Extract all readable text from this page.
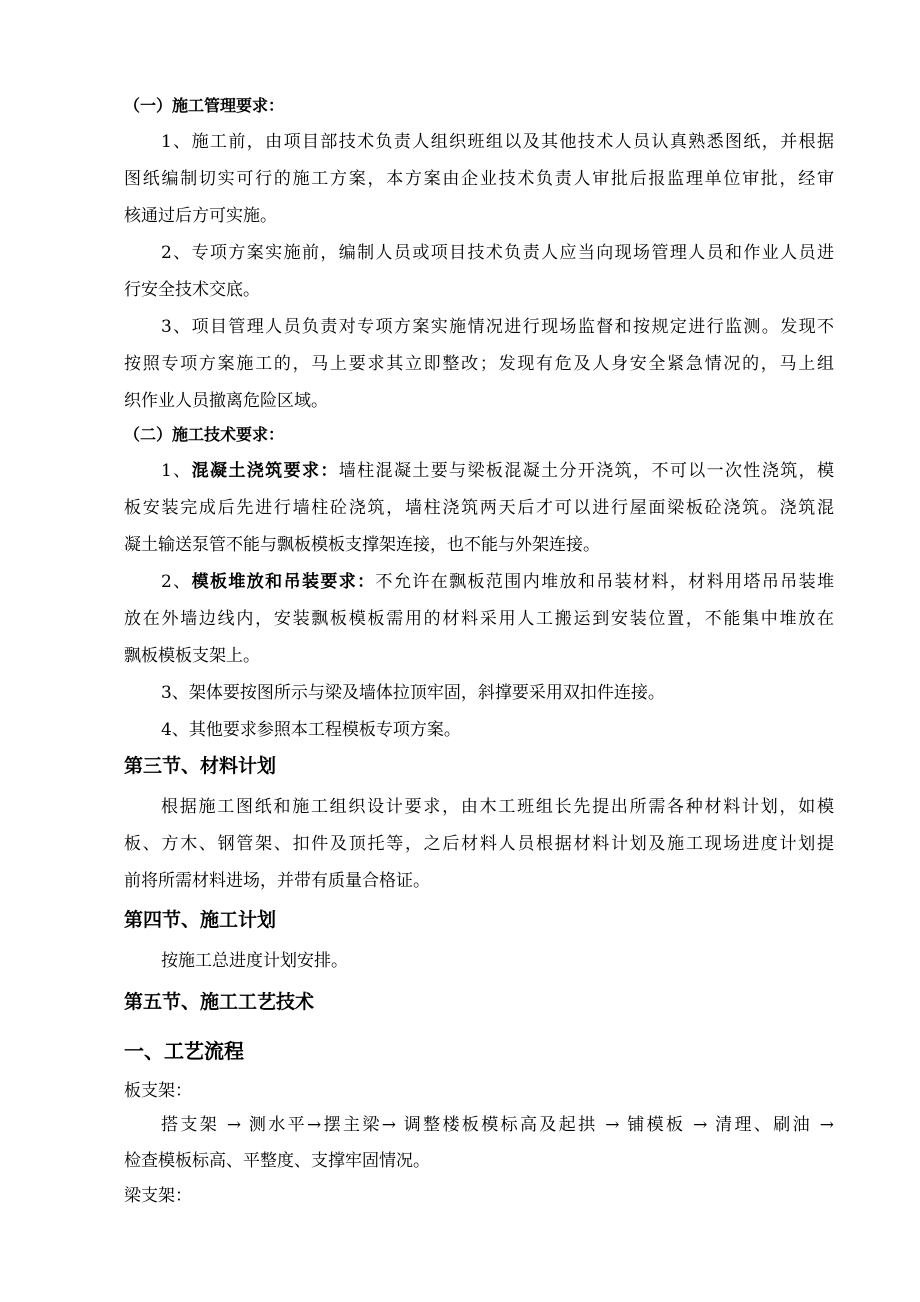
（一）施工管理要求：
1、施工前，由项目部技术负责人组织班组以及其他技术人员认真熟悉图纸，并根据
图纸编制切实可行的施工方案，本方案由企业技术负责人审批后报监理单位审批，经审
核通过后方可实施。
2、专项方案实施前，编制人员或项目技术负责人应当向现场管理人员和作业人员进
行安全技术交底。
3、项目管理人员负责对专项方案实施情况进行现场监督和按规定进行监测。发现不
按照专项方案施工的，马上要求其立即整改；发现有危及人身安全紧急情况的，马上组
织作业人员撤离危险区域。
（二）施工技术要求：
1、混凝土浇筑要求：墙柱混凝土要与梁板混凝土分开浇筑，不可以一次性浇筑，模
板安装完成后先进行墙柱砼浇筑，墙柱浇筑两天后才可以进行屋面梁板砼浇筑。浇筑混
凝土输送泵管不能与飘板模板支撑架连接，也不能与外架连接。
2、模板堆放和吊装要求：不允许在飘板范围内堆放和吊装材料，材料用塔吊吊装堆
放在外墙边线内，安装飘板模板需用的材料采用人工搬运到安装位置，不能集中堆放在
飘板模板支架上。
3、架体要按图所示与梁及墙体拉顶牢固，斜撑要采用双扣件连接。
4、其他要求参照本工程模板专项方案。
第三节、材料计划
根据施工图纸和施工组织设计要求，由木工班组长先提出所需各种材料计划，如模
板、方木、钢管架、扣件及顶托等，之后材料人员根据材料计划及施工现场进度计划提
前将所需材料进场，并带有质量合格证。
第四节、施工计划
按施工总进度计划安排。
第五节、施工工艺技术
一、工艺流程
板支架：
搭支架 → 测水平→摆主梁→ 调整楼板模标高及起拱 → 铺模板 → 清理、刷油 →
检查模板标高、平整度、支撑牢固情况。
梁支架：
